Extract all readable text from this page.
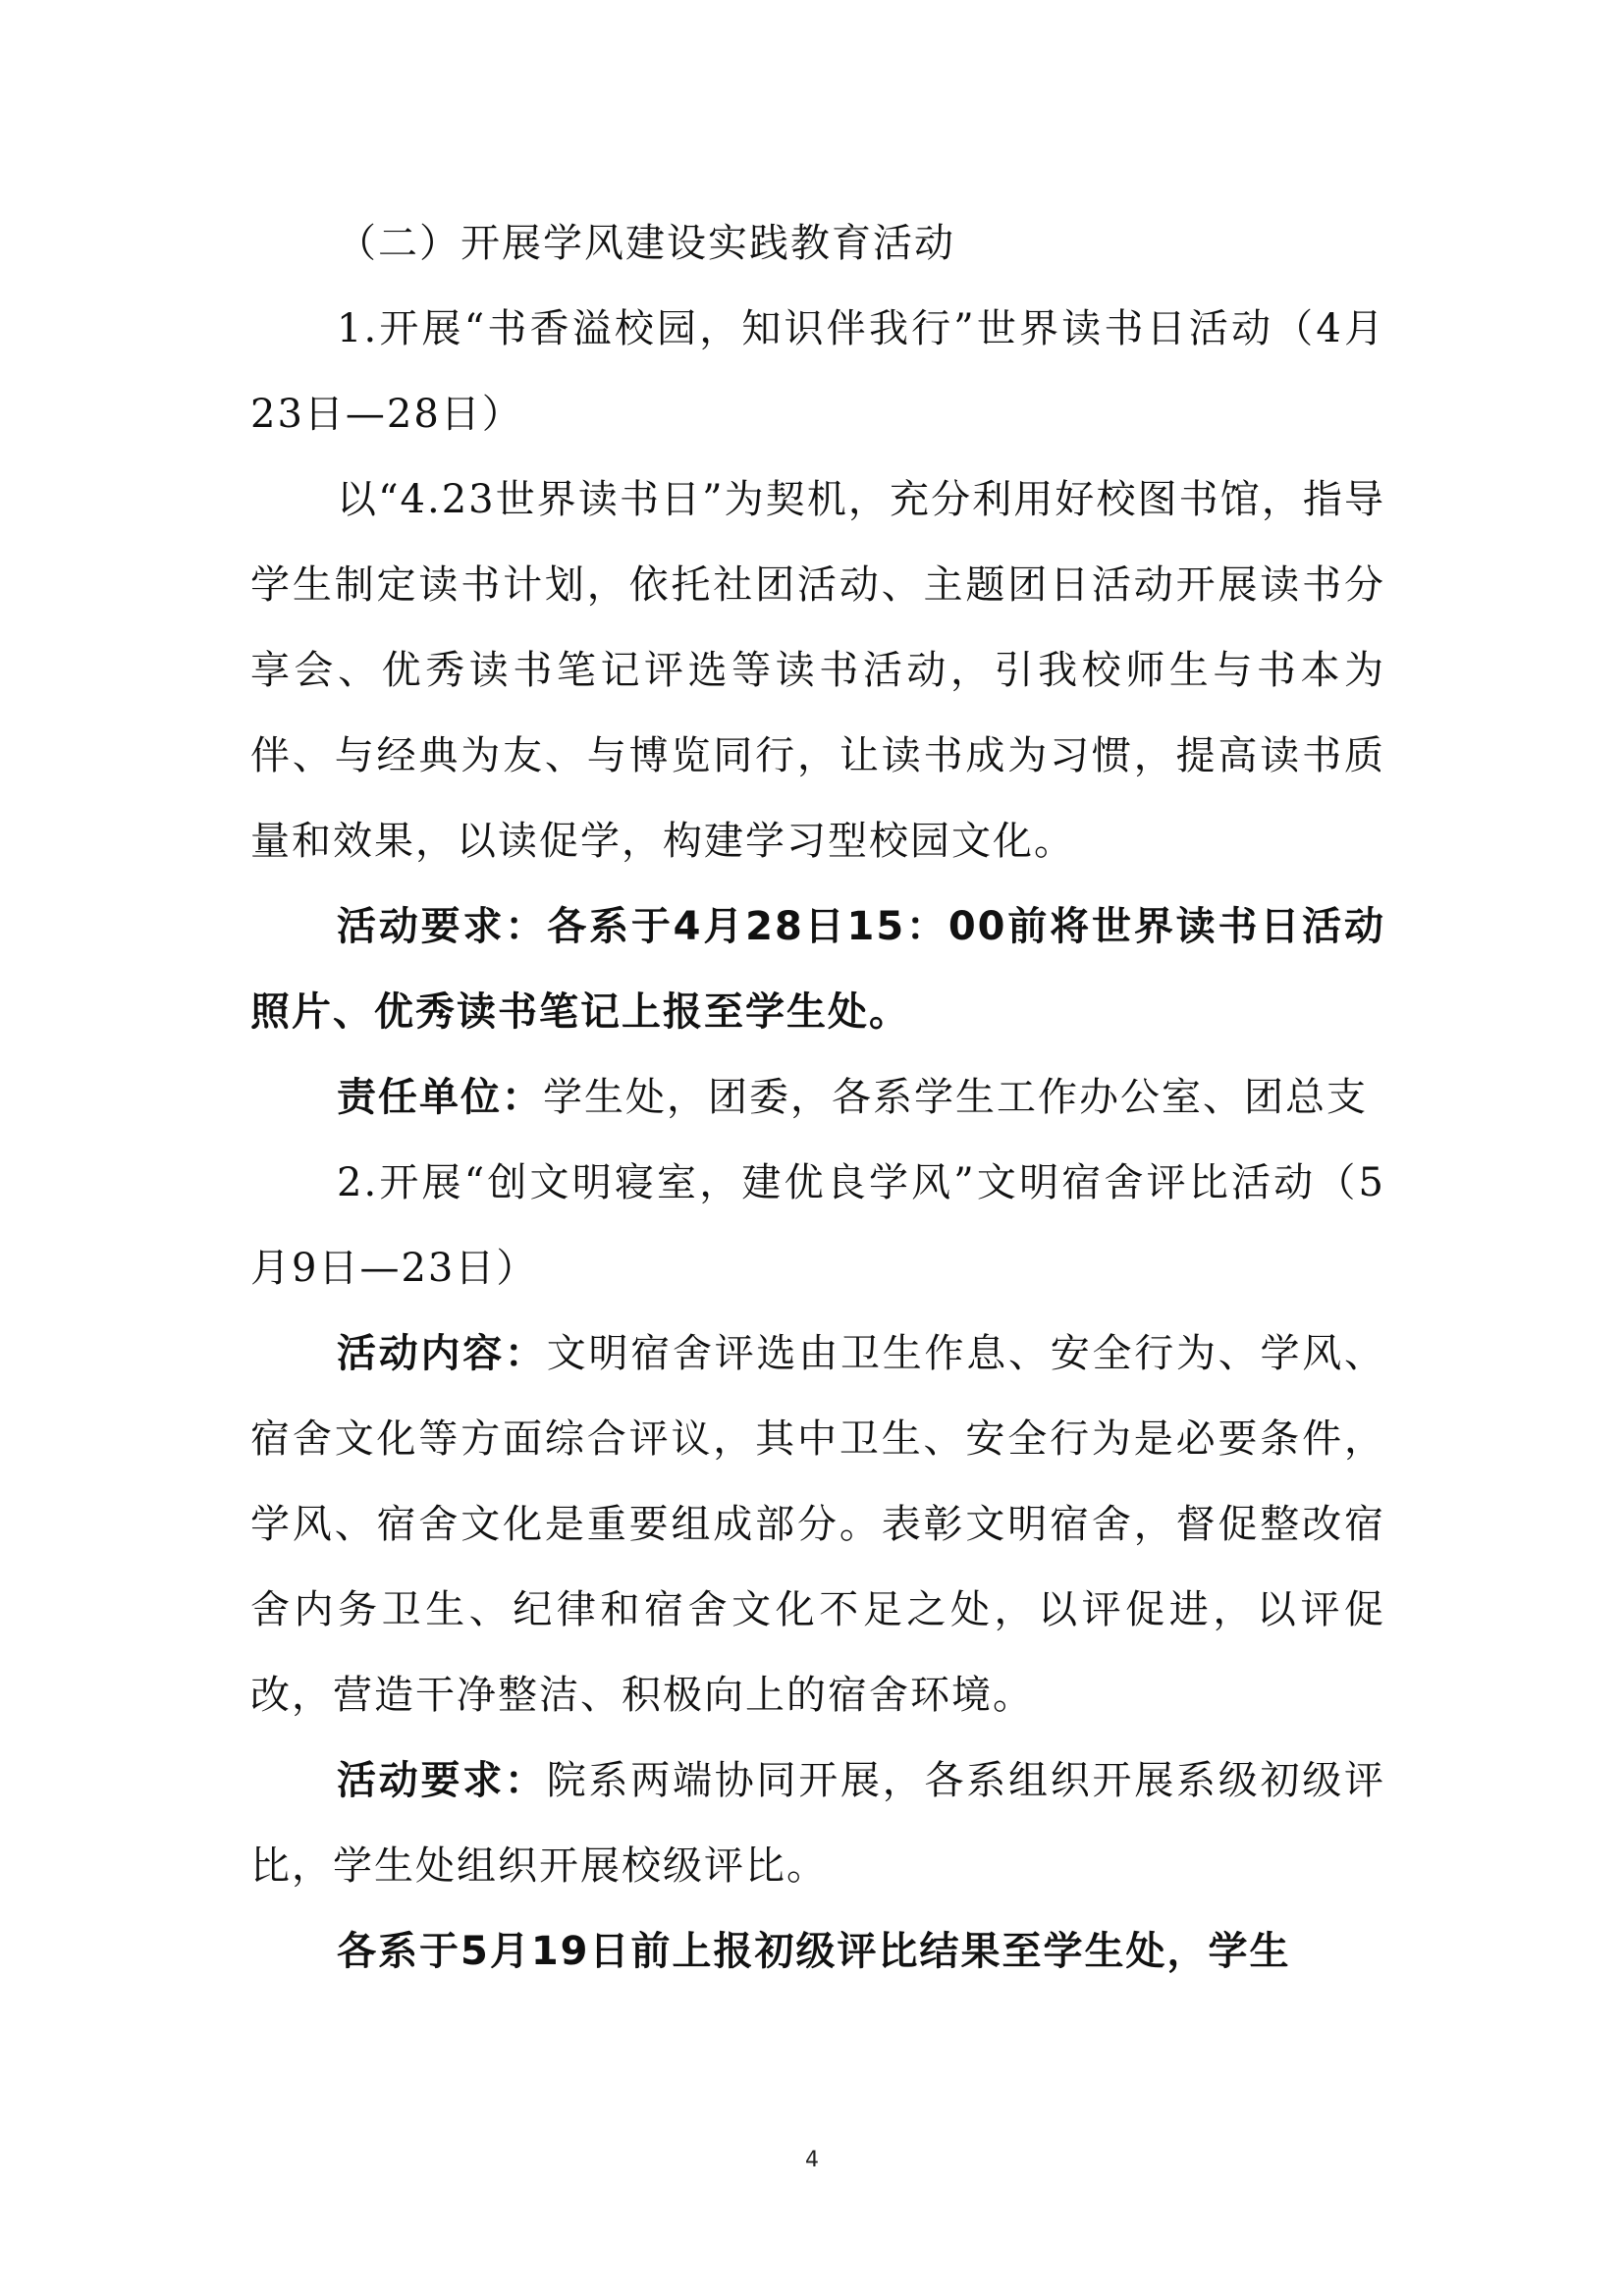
（二）开展学风建设实践教育活动

1.开展“书香溢校园，知识伴我行”世界读书日活动（4月23日—28日）

以“4.23世界读书日”为契机，充分利用好校图书馆，指导学生制定读书计划，依托社团活动、主题团日活动开展读书分享会、优秀读书笔记评选等读书活动，引我校师生与书本为伴、与经典为友、与博览同行，让读书成为习惯，提高读书质量和效果，以读促学，构建学习型校园文化。

活动要求：各系于4月28日15：00前将世界读书日活动照片、优秀读书笔记上报至学生处。

责任单位：学生处，团委，各系学生工作办公室、团总支

2.开展“创文明寝室，建优良学风”文明宿舍评比活动（5月9日—23日）

活动内容：文明宿舍评选由卫生作息、安全行为、学风、宿舍文化等方面综合评议，其中卫生、安全行为是必要条件，学风、宿舍文化是重要组成部分。表彰文明宿舍，督促整改宿舍内务卫生、纪律和宿舍文化不足之处，以评促进，以评促改，营造干净整洁、积极向上的宿舍环境。

活动要求：院系两端协同开展，各系组织开展系级初级评比，学生处组织开展校级评比。

各系于5月19日前上报初级评比结果至学生处，学生

4
